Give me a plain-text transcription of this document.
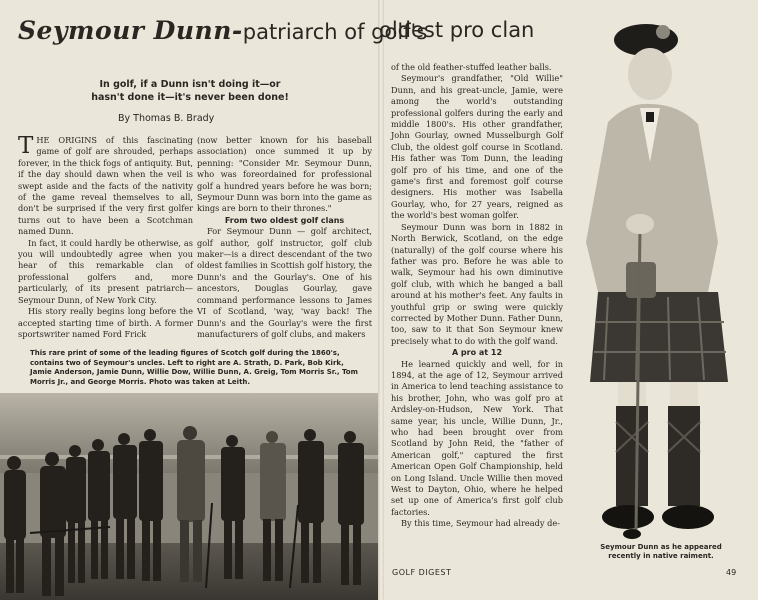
Seymour Dunn-patriarch of golf's
oldest pro clan
In golf, if a Dunn isn't doing it—or
hasn't done it—it's never been done!
By Thomas B. Brady

THE ORIGINS of this fascinating game of golf are shrouded, perhaps forever, in the thick fogs of antiquity. But, if the day should dawn when the veil is swept aside and the facts of the nativity of the game reveal themselves to all, don't be surprised if the very first golfer turns out to have been a Scotchman named Dunn.

In fact, it could hardly be otherwise, as you will undoubtedly agree when you hear of this remarkable clan of professional golfers and, more particularly, of its present patriarch—Seymour Dunn, of New York City.

His story really begins long before the accepted starting time of birth. A former sportswriter named Ford Frick

(now better known for his baseball association) once summed it up by penning: "Consider Mr. Seymour Dunn, who was foreordained for professional golf a hundred years before he was born; Seymour Dunn was born into the game as kings are born to their thrones."

From two oldest golf clans

For Seymour Dunn — golf architect, golf author, golf instructor, golf club maker—is a direct descendant of the two oldest families in Scottish golf history, the Dunn's and the Gourlay's. One of his ancestors, Douglas Gourlay, gave command performance lessons to James VI of Scotland, 'way, 'way back! The Dunn's and the Gourlay's were the first manufacturers of golf clubs, and makers

of the old feather-stuffed leather balls.

Seymour's grandfather, "Old Willie" Dunn, and his great-uncle, Jamie, were among the world's outstanding professional golfers during the early and middle 1800's. His other grandfather, John Gourlay, owned Musselburgh Golf Club, the oldest golf course in Scotland. His father was Tom Dunn, the leading golf pro of his time, and one of the game's first and foremost golf course designers. His mother was Isabella Gourlay, who, for 27 years, reigned as the world's best woman golfer.

Seymour Dunn was born in 1882 in North Berwick, Scotland, on the edge (naturally) of the golf course where his father was pro. Before he was able to walk, Seymour had his own diminutive golf club, with which he banged a ball around at his mother's feet. Any faults in youthful grip or swing were quickly corrected by Mother Dunn. Father Dunn, too, saw to it that Son Seymour knew precisely what to do with the golf wand.

A pro at 12

He learned quickly and well, for in 1894, at the age of 12, Seymour arrived in America to lend teaching assistance to his brother, John, who was golf pro at Ardsley-on-Hudson, New York. That same year, his uncle, Willie Dunn, Jr., who had been brought over from Scotland by John Reid, the "father of American golf," captured the first American Open Golf Championship, held on Long Island. Uncle Willie then moved West to Dayton, Ohio, where he helped set up one of America's first golf club factories.

By this time, Seymour had already de-

This rare print of some of the leading figures of Scotch golf during the 1860's, contains two of Seymour's uncles. Left to right are A. Strath, D. Park, Bob Kirk, Jamie Anderson, Jamie Dunn, Willie Dow, Willie Dunn, A. Greig, Tom Morris Sr., Tom Morris Jr., and George Morris. Photo was taken at Leith.
Seymour Dunn as he appeared recently in native raiment.
GOLF DIGEST	49
